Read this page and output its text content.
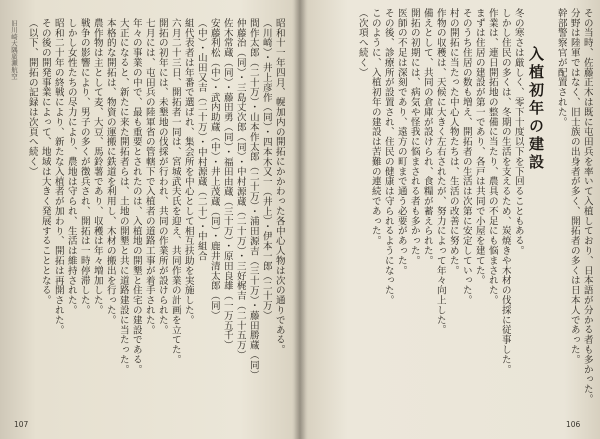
旧川崎大隅廣瀬航空	昭和十一年四月、幌加内の開拓にかかわった各中心人物は次の通りである。
（川崎）・井上彦作（同）・四本木又一（井上）・伊本一郎（二十万）
間作太郎（二十万）・山本作太郎（二十万）・浦田源吉（三十万）・藤田勝蔵（同）
仲藤治（同）・三島丈次郎（同）・中村源蔵（二十万）・三好梶吉（二十五万）
佐木常蔵（同）・藤田勇（同）・福田由蔵（三十万）・原田良雄（一万五千）
安藤利松（中）・武内助蔵（中）・井上茂蔵（同）・鹿井清太郎（同）
（中）・山田又吉（二十万）・中村源蔵（二十）・中組合
組代表者は年番で選ばれ、集会所を中心として相互扶助を実施した。
六月二十三日、開拓者一同は、宮城武夫氏を迎え、共同作業の計画を立てた。
開拓の初年には、未墾地の伐採が行われ、共同の作業所が設けられた。
七月には、屯田兵の陸軍省の管轄下で入植者の道路工事が着手された。
年々の事業の中で、最も重要とされたのは、入植地の開墾と住宅の建設である。
大正になると、新たに来た開拓者らは、土地の開墾と共に道路建設に当たった。
本格的な開拓は、物資の運搬に鉄道を利用し、木材の搬出を行った。
農作物は主として麦、大豆、馬鈴薯であり、収穫は年々増加した。
戦争の影響により、男子の多くが徴兵され、開拓は一時停滞した。
しかし女性たちの尽力により、農地は守られ、生活は維持された。
昭和二十年の終戦により、新たな入植者が加わり、開拓は再開された。
その後の開発事業によって、地域は大きく発展することとなる。
（以下、開拓の記録は次頁へ続く）
107
その当時、佐藤正木は既に屯田兵を率いて入植しており、日本語が分かる者も多かった。
分野は陸軍ではなく、旧士族の出身者が多く、開拓者の多くは日本人であった。
幹部警察官が配置された。
冬の寒さは厳しく、零下十度以下を下回ることもある。
しかし住民の多くは、冬期の生活を支えるため、炭焼きや木材の伐採に従事した。
作業は、連日開拓地の整備に当たり、農具の不足にも悩まされた。
まずは住居の建設が第一であり、各戸は共同で小屋を建てた。
そのうち住居の数も増え、開拓者の生活は次第に安定していった。
村の開拓に当たった中心人物たちは、生活の改善に努めた。
作物の収穫は、天候に大きく左右されたが、努力によって年々向上した。
備えとして、共同の倉庫が設けられ、食糧が蓄えられた。
開拓の初期には、病気や怪我に悩まされる者も多かった。
医師の不足は深刻であり、遠方の町まで通う必要があった。
その後、診療所が設置され、住民の健康は守られるようになった。
このように、入植初年の建設は苦難の連続であった。
（次項へ続く）
入植初年の建設
106
